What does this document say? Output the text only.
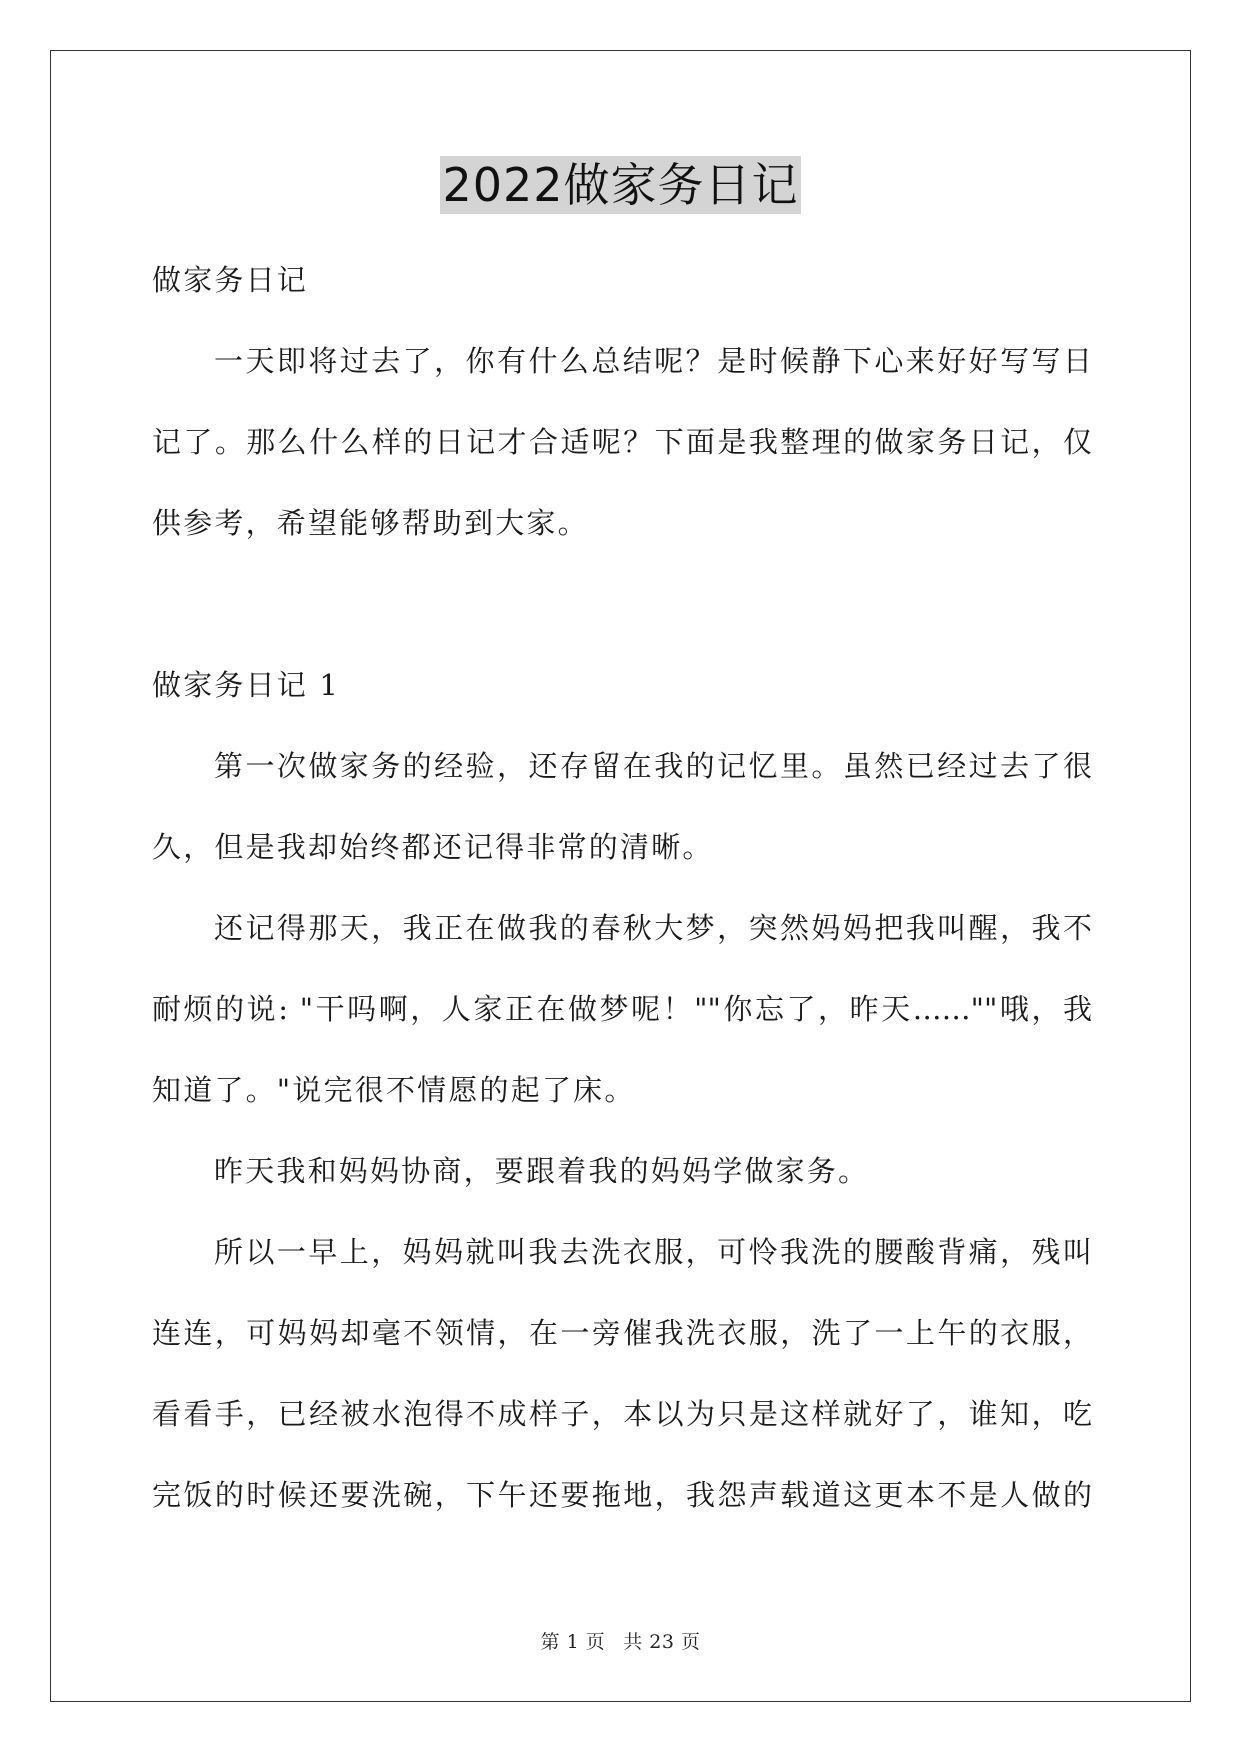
2022做家务日记
做家务日记
一天即将过去了，你有什么总结呢？是时候静下心来好好写写日
记了。那么什么样的日记才合适呢？下面是我整理的做家务日记，仅
供参考，希望能够帮助到大家。
做家务日记 1
第一次做家务的经验，还存留在我的记忆里。虽然已经过去了很
久，但是我却始终都还记得非常的清晰。
还记得那天，我正在做我的春秋大梦，突然妈妈把我叫醒，我不
耐烦的说: "干吗啊，人家正在做梦呢！""你忘了，昨天……""哦，我
知道了。"说完很不情愿的起了床。
昨天我和妈妈协商，要跟着我的妈妈学做家务。
所以一早上，妈妈就叫我去洗衣服，可怜我洗的腰酸背痛，残叫
连连，可妈妈却毫不领情，在一旁催我洗衣服，洗了一上午的衣服，
看看手，已经被水泡得不成样子，本以为只是这样就好了，谁知，吃
完饭的时候还要洗碗，下午还要拖地，我怨声载道这更本不是人做的
第 1 页 共 23 页
